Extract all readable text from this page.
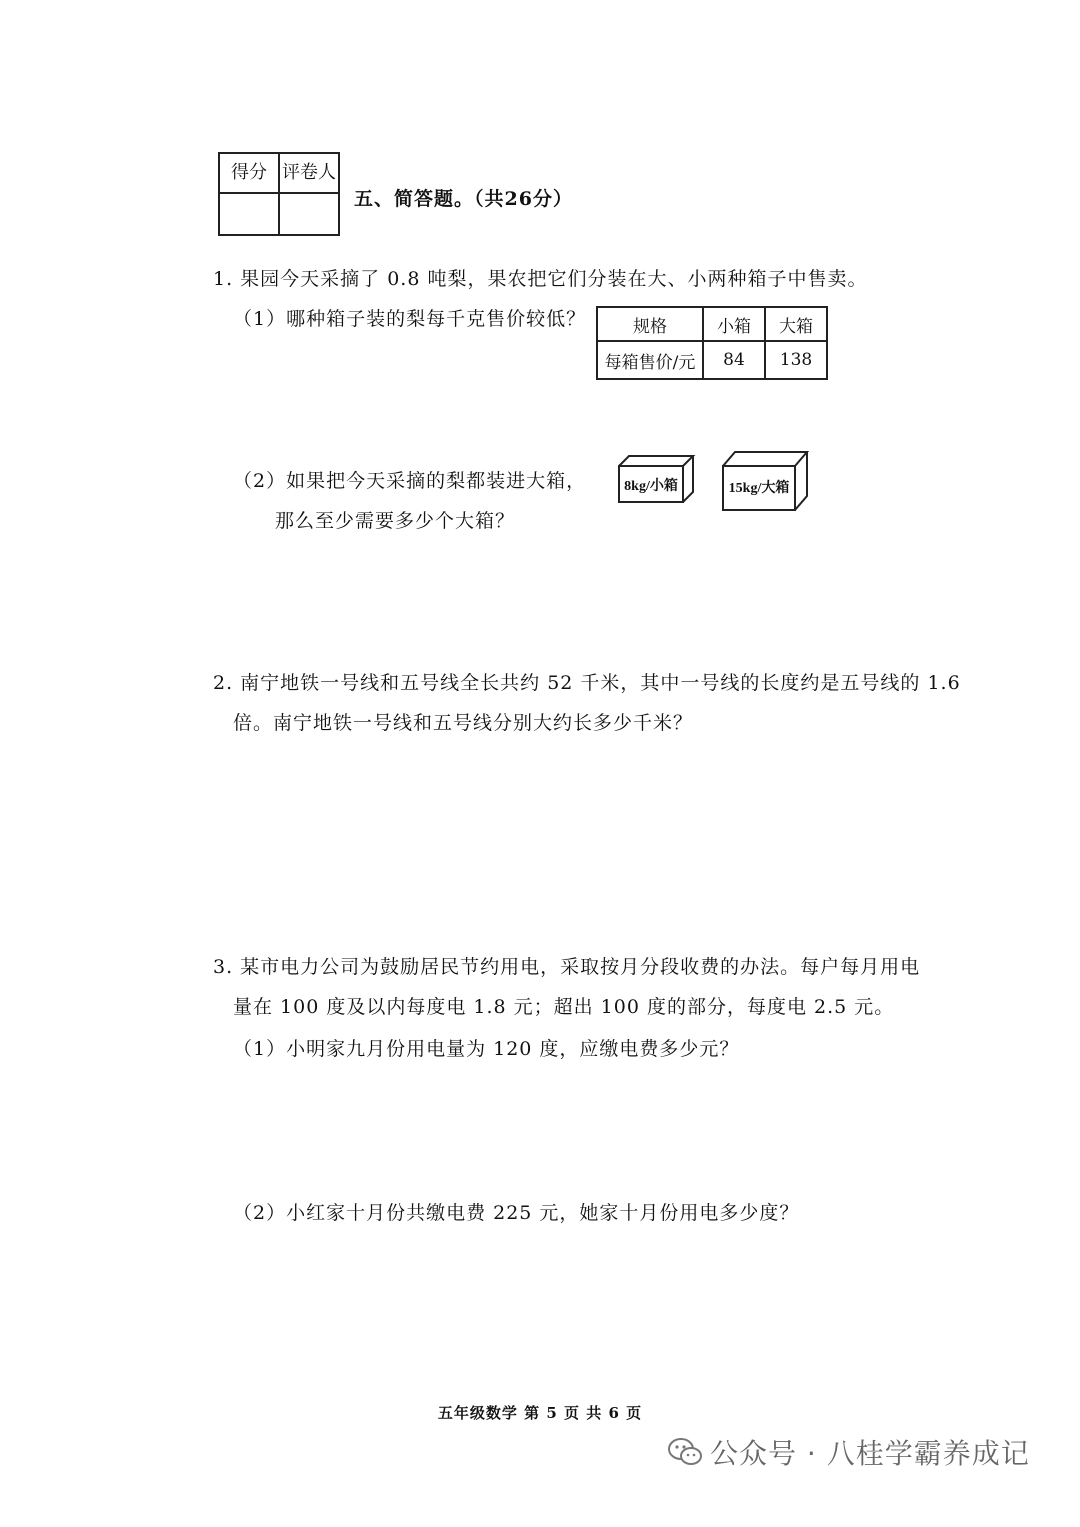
得分	评卷人

五、简答题。（共26分）
1. 果园今天采摘了 0.8 吨梨，果农把它们分装在大、小两种箱子中售卖。
（1）哪种箱子装的梨每千克售价较低？	规格	小箱	大箱
每箱售价/元	84	138
8kg/小箱	15kg/大箱
（2）如果把今天采摘的梨都装进大箱，
那么至少需要多少个大箱？
2. 南宁地铁一号线和五号线全长共约 52 千米，其中一号线的长度约是五号线的 1.6
倍。南宁地铁一号线和五号线分别大约长多少千米？
3. 某市电力公司为鼓励居民节约用电，采取按月分段收费的办法。每户每月用电
量在 100 度及以内每度电 1.8 元；超出 100 度的部分，每度电 2.5 元。
（1）小明家九月份用电量为 120 度，应缴电费多少元？
（2）小红家十月份共缴电费 225 元，她家十月份用电多少度？
五年级数学 第 5 页 共 6 页
公众号 · 八桂学霸养成记
